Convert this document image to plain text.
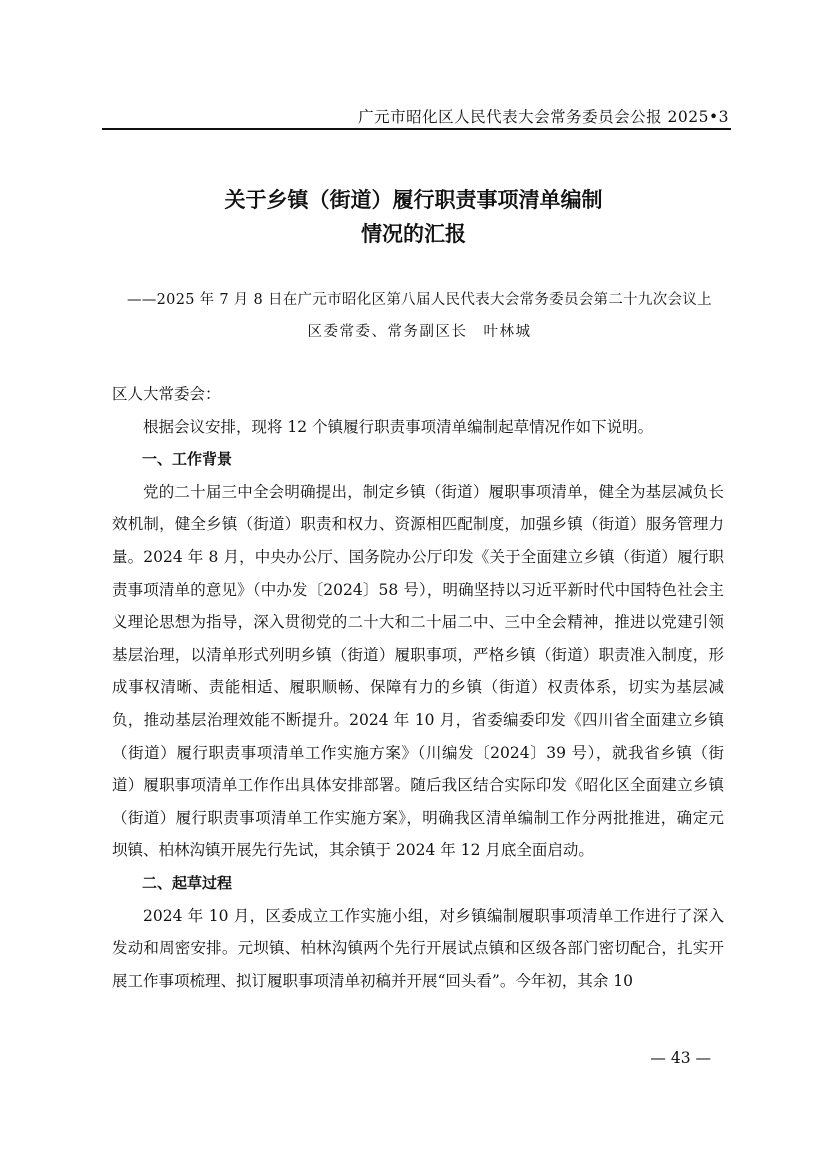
广元市昭化区人民代表大会常务委员会公报 2025•3
关于乡镇（街道）履行职责事项清单编制
情况的汇报
——2025 年 7 月 8 日在广元市昭化区第八届人民代表大会常务委员会第二十九次会议上
区委常委、常务副区长　叶林城

区人大常委会：

根据会议安排，现将 12 个镇履行职责事项清单编制起草情况作如下说明。

一、工作背景

党的二十届三中全会明确提出，制定乡镇（街道）履职事项清单，健全为基层减负长效机制，健全乡镇（街道）职责和权力、资源相匹配制度，加强乡镇（街道）服务管理力量。2024 年 8 月，中央办公厅、国务院办公厅印发《关于全面建立乡镇（街道）履行职责事项清单的意见》（中办发〔2024〕58 号），明确坚持以习近平新时代中国特色社会主义理论思想为指导，深入贯彻党的二十大和二十届二中、三中全会精神，推进以党建引领基层治理，以清单形式列明乡镇（街道）履职事项，严格乡镇（街道）职责准入制度，形成事权清晰、责能相适、履职顺畅、保障有力的乡镇（街道）权责体系，切实为基层减负，推动基层治理效能不断提升。2024 年 10 月，省委编委印发《四川省全面建立乡镇（街道）履行职责事项清单工作实施方案》（川编发〔2024〕39 号），就我省乡镇（街道）履职事项清单工作作出具体安排部署。随后我区结合实际印发《昭化区全面建立乡镇（街道）履行职责事项清单工作实施方案》，明确我区清单编制工作分两批推进，确定元坝镇、柏林沟镇开展先行先试，其余镇于 2024 年 12 月底全面启动。

二、起草过程

2024 年 10 月，区委成立工作实施小组，对乡镇编制履职事项清单工作进行了深入发动和周密安排。元坝镇、柏林沟镇两个先行开展试点镇和区级各部门密切配合，扎实开展工作事项梳理、拟订履职事项清单初稿并开展“回头看”。今年初，其余 10

— 43 —
